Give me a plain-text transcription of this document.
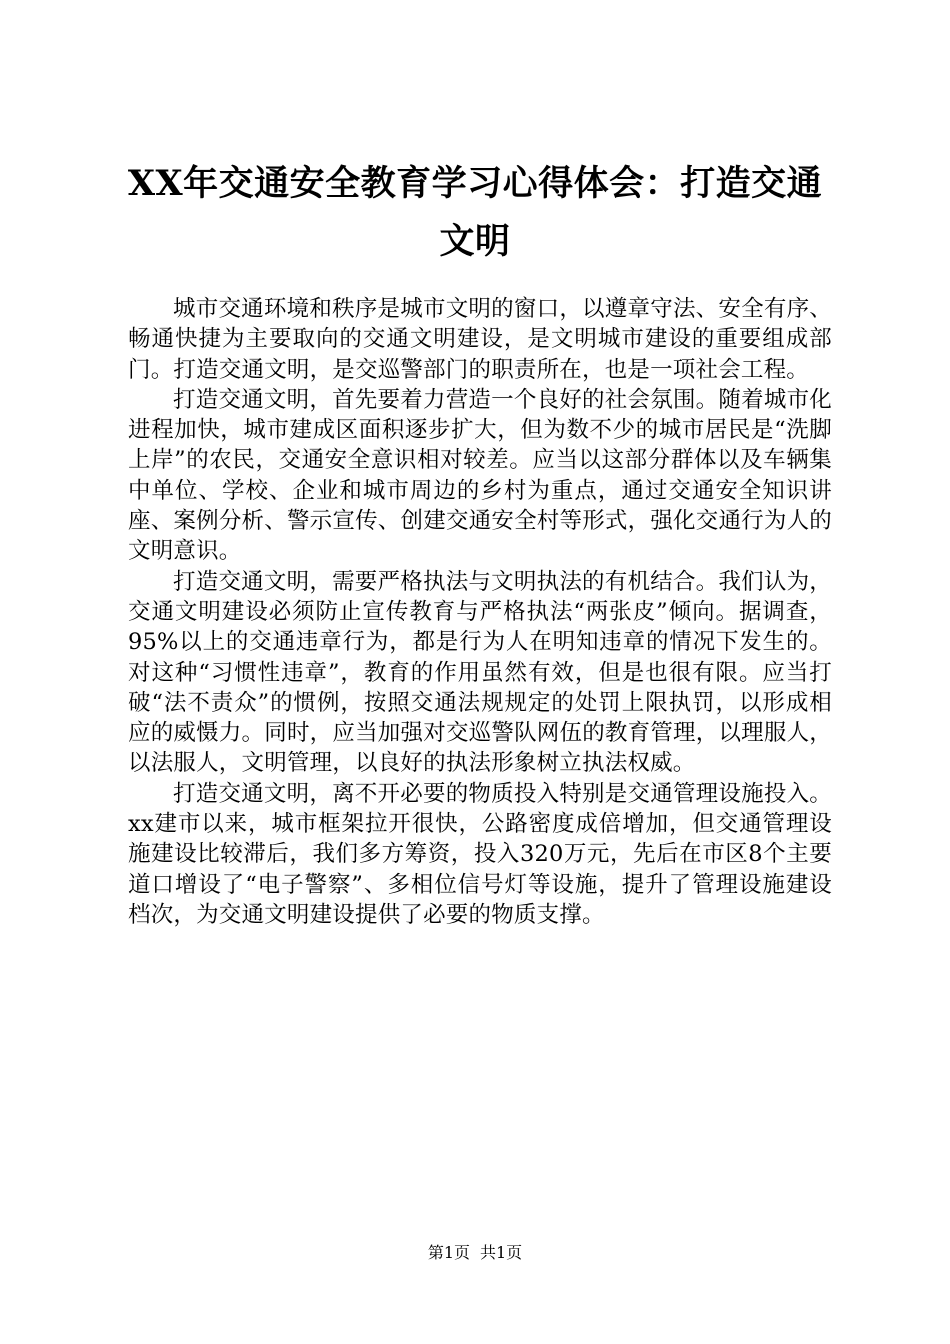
XX年交通安全教育学习心得体会：打造交通
文明

城市交通环境和秩序是城市文明的窗口，以遵章守法、安全有序、畅通快捷为主要取向的交通文明建设，是文明城市建设的重要组成部门。打造交通文明，是交巡警部门的职责所在，也是一项社会工程。

打造交通文明，首先要着力营造一个良好的社会氛围。随着城市化进程加快，城市建成区面积逐步扩大，但为数不少的城市居民是“洗脚上岸”的农民，交通安全意识相对较差。应当以这部分群体以及车辆集中单位、学校、企业和城市周边的乡村为重点，通过交通安全知识讲座、案例分析、警示宣传、创建交通安全村等形式，强化交通行为人的文明意识。

打造交通文明，需要严格执法与文明执法的有机结合。我们认为，交通文明建设必须防止宣传教育与严格执法“两张皮”倾向。据调查，95%以上的交通违章行为，都是行为人在明知违章的情况下发生的。对这种“习惯性违章”，教育的作用虽然有效，但是也很有限。应当打破“法不责众”的惯例，按照交通法规规定的处罚上限执罚，以形成相应的威慑力。同时，应当加强对交巡警队网伍的教育管理，以理服人，以法服人，文明管理，以良好的执法形象树立执法权威。

打造交通文明，离不开必要的物质投入特别是交通管理设施投入。xx建市以来，城市框架拉开很快，公路密度成倍增加，但交通管理设施建设比较滞后，我们多方筹资，投入320万元，先后在市区8个主要道口增设了“电子警察”、多相位信号灯等设施，提升了管理设施建设档次，为交通文明建设提供了必要的物质支撑。

第1页 共1页
